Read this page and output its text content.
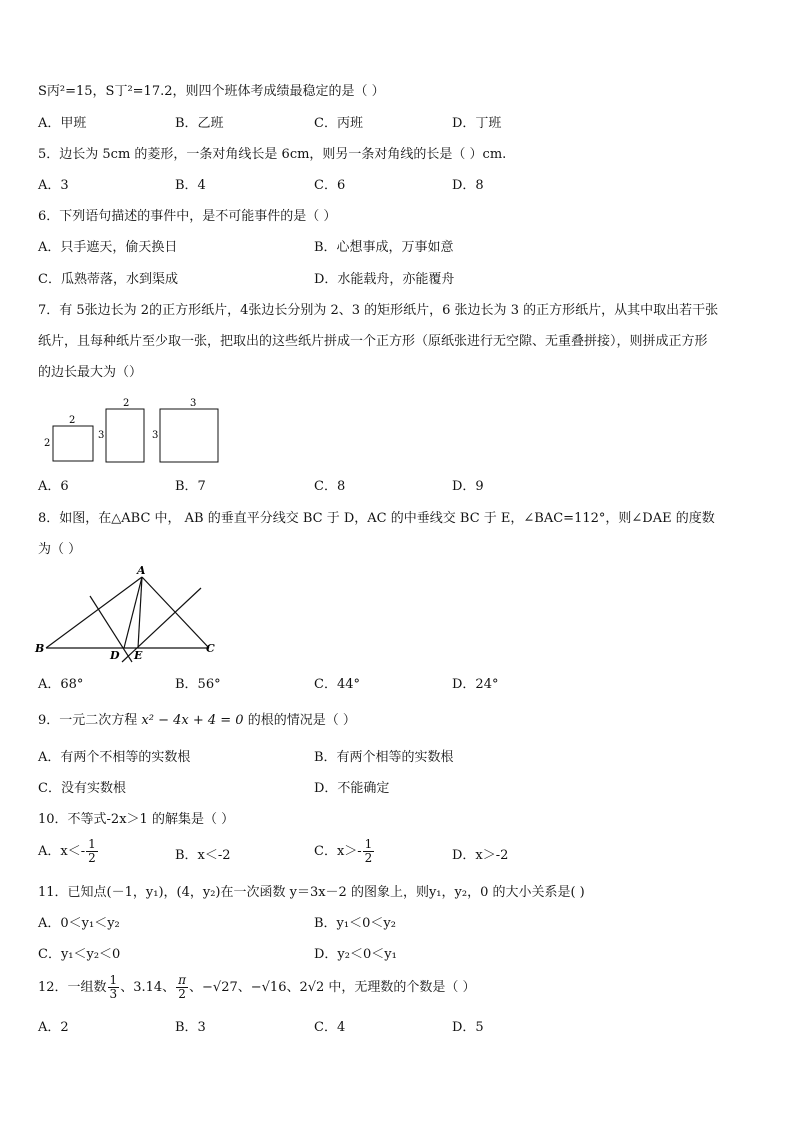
S丙²=15，S丁²=17.2，则四个班体考成绩最稳定的是（ ）
A．甲班	B．乙班	C．丙班	D．丁班
5．边长为 5cm 的菱形，一条对角线长是 6cm，则另一条对角线的长是（ ）cm.
A．3	B．4	C．6	D．8
6．下列语句描述的事件中，是不可能事件的是（ ）
A．只手遮天，偷天换日	B．心想事成，万事如意
C．瓜熟蒂落，水到渠成	D．水能载舟，亦能覆舟
7．有 5张边长为 2的正方形纸片，4张边长分别为 2、3 的矩形纸片，6 张边长为 3 的正方形纸片，从其中取出若干张
纸片，且每种纸片至少取一张，把取出的这些纸片拼成一个正方形（原纸张进行无空隙、无重叠拼接），则拼成正方形
的边长最大为（）
2
2
2
3
3
3
A．6	B．7	C．8	D．9
8．如图，在△ABC 中， AB 的垂直平分线交 BC 于 D，AC 的中垂线交 BC 于 E，∠BAC=112°，则∠DAE 的度数
为（ ）
A
B
D E
C
A．68°	B．56°	C．44°	D．24°
9．一元二次方程 x² − 4x + 4 = 0 的根的情况是（ ）
A．有两个不相等的实数根	B．有两个相等的实数根
C．没有实数根	D．不能确定
10．不等式-2x＞1 的解集是（ ）
A．$x<- \frac{1}{2}$	B．x＜-2	C．$x>- \frac{1}{2}$	D．x＞-2
11．已知点(－1，y₁)，(4，y₂)在一次函数 y＝3x－2 的图象上，则y₁，y₂，0 的大小关系是( )
A．0＜y₁＜y₂	B．y₁＜0＜y₂
C．y₁＜y₂＜0	D．y₂＜0＜y₁
12．一组数 $\frac{1}{3}$ 、3.14、 $\frac{\pi}{2}$ 、−√27、−√16、2√2 中，无理数的个数是（ ）
A．2	B．3	C．4	D．5
